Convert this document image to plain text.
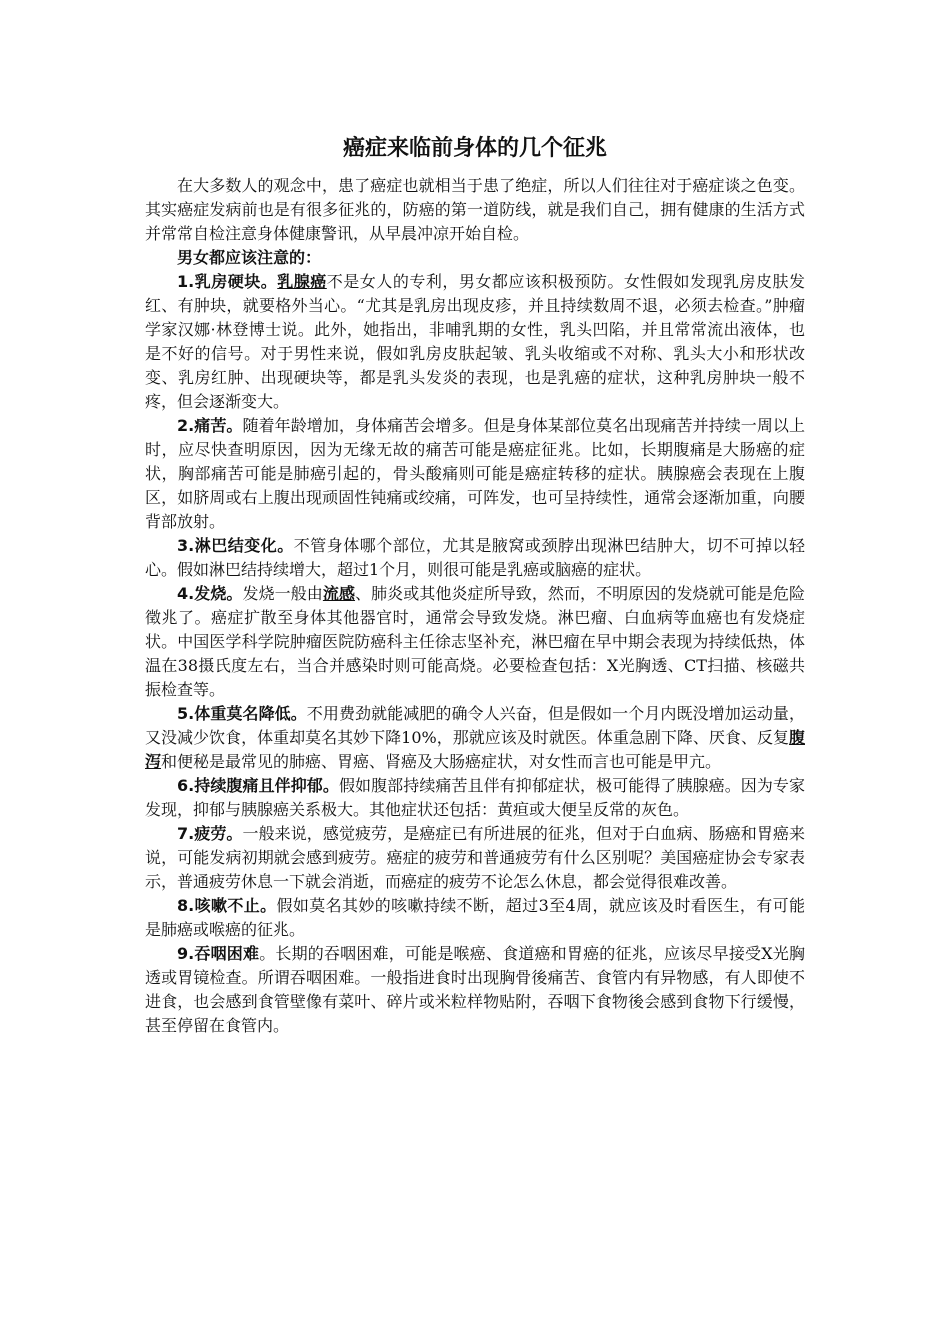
癌症来临前身体的几个征兆

在大多数人的观念中，患了癌症也就相当于患了绝症，所以人们往往对于癌症谈之色变。其实癌症发病前也是有很多征兆的，防癌的第一道防线，就是我们自己，拥有健康的生活方式并常常自检注意身体健康警讯，从早晨冲凉开始自检。

男女都应该注意的：

1.乳房硬块。乳腺癌不是女人的专利，男女都应该积极预防。女性假如发现乳房皮肤发红、有肿块，就要格外当心。“尤其是乳房出现皮疹，并且持续数周不退，必须去检查。”肿瘤学家汉娜·林登博士说。此外，她指出，非哺乳期的女性，乳头凹陷，并且常常流出液体，也是不好的信号。对于男性来说，假如乳房皮肤起皱、乳头收缩或不对称、乳头大小和形状改变、乳房红肿、出现硬块等，都是乳头发炎的表现，也是乳癌的症状，这种乳房肿块一般不疼，但会逐渐变大。

2.痛苦。随着年龄增加，身体痛苦会增多。但是身体某部位莫名出现痛苦并持续一周以上时，应尽快查明原因，因为无缘无故的痛苦可能是癌症征兆。比如，长期腹痛是大肠癌的症状，胸部痛苦可能是肺癌引起的，骨头酸痛则可能是癌症转移的症状。胰腺癌会表现在上腹区，如脐周或右上腹出现顽固性钝痛或绞痛，可阵发，也可呈持续性，通常会逐渐加重，向腰背部放射。

3.淋巴结变化。不管身体哪个部位，尤其是腋窝或颈脖出现淋巴结肿大，切不可掉以轻心。假如淋巴结持续增大，超过1个月，则很可能是乳癌或脑癌的症状。

4.发烧。发烧一般由流感、肺炎或其他炎症所导致，然而，不明原因的发烧就可能是危险徵兆了。癌症扩散至身体其他器官时，通常会导致发烧。淋巴瘤、白血病等血癌也有发烧症状。中国医学科学院肿瘤医院防癌科主任徐志坚补充，淋巴瘤在早中期会表现为持续低热，体温在38摄氏度左右，当合并感染时则可能高烧。必要检查包括：X光胸透、CT扫描、核磁共振检查等。

5.体重莫名降低。不用费劲就能减肥的确令人兴奋，但是假如一个月内既没增加运动量，又没减少饮食，体重却莫名其妙下降10%，那就应该及时就医。体重急剧下降、厌食、反复腹泻和便秘是最常见的肺癌、胃癌、肾癌及大肠癌症状，对女性而言也可能是甲亢。

6.持续腹痛且伴抑郁。假如腹部持续痛苦且伴有抑郁症状，极可能得了胰腺癌。因为专家发现，抑郁与胰腺癌关系极大。其他症状还包括：黄疸或大便呈反常的灰色。

7.疲劳。一般来说，感觉疲劳，是癌症已有所进展的征兆，但对于白血病、肠癌和胃癌来说，可能发病初期就会感到疲劳。癌症的疲劳和普通疲劳有什么区别呢？美国癌症协会专家表示，普通疲劳休息一下就会消逝，而癌症的疲劳不论怎么休息，都会觉得很难改善。

8.咳嗽不止。假如莫名其妙的咳嗽持续不断，超过3至4周，就应该及时看医生，有可能是肺癌或喉癌的征兆。

9.吞咽困难。长期的吞咽困难，可能是喉癌、食道癌和胃癌的征兆，应该尽早接受X光胸透或胃镜检查。所谓吞咽困难。一般指进食时出现胸骨後痛苦、食管内有异物感，有人即使不进食，也会感到食管壁像有菜叶、碎片或米粒样物贴附，吞咽下食物後会感到食物下行缓慢，甚至停留在食管内。
